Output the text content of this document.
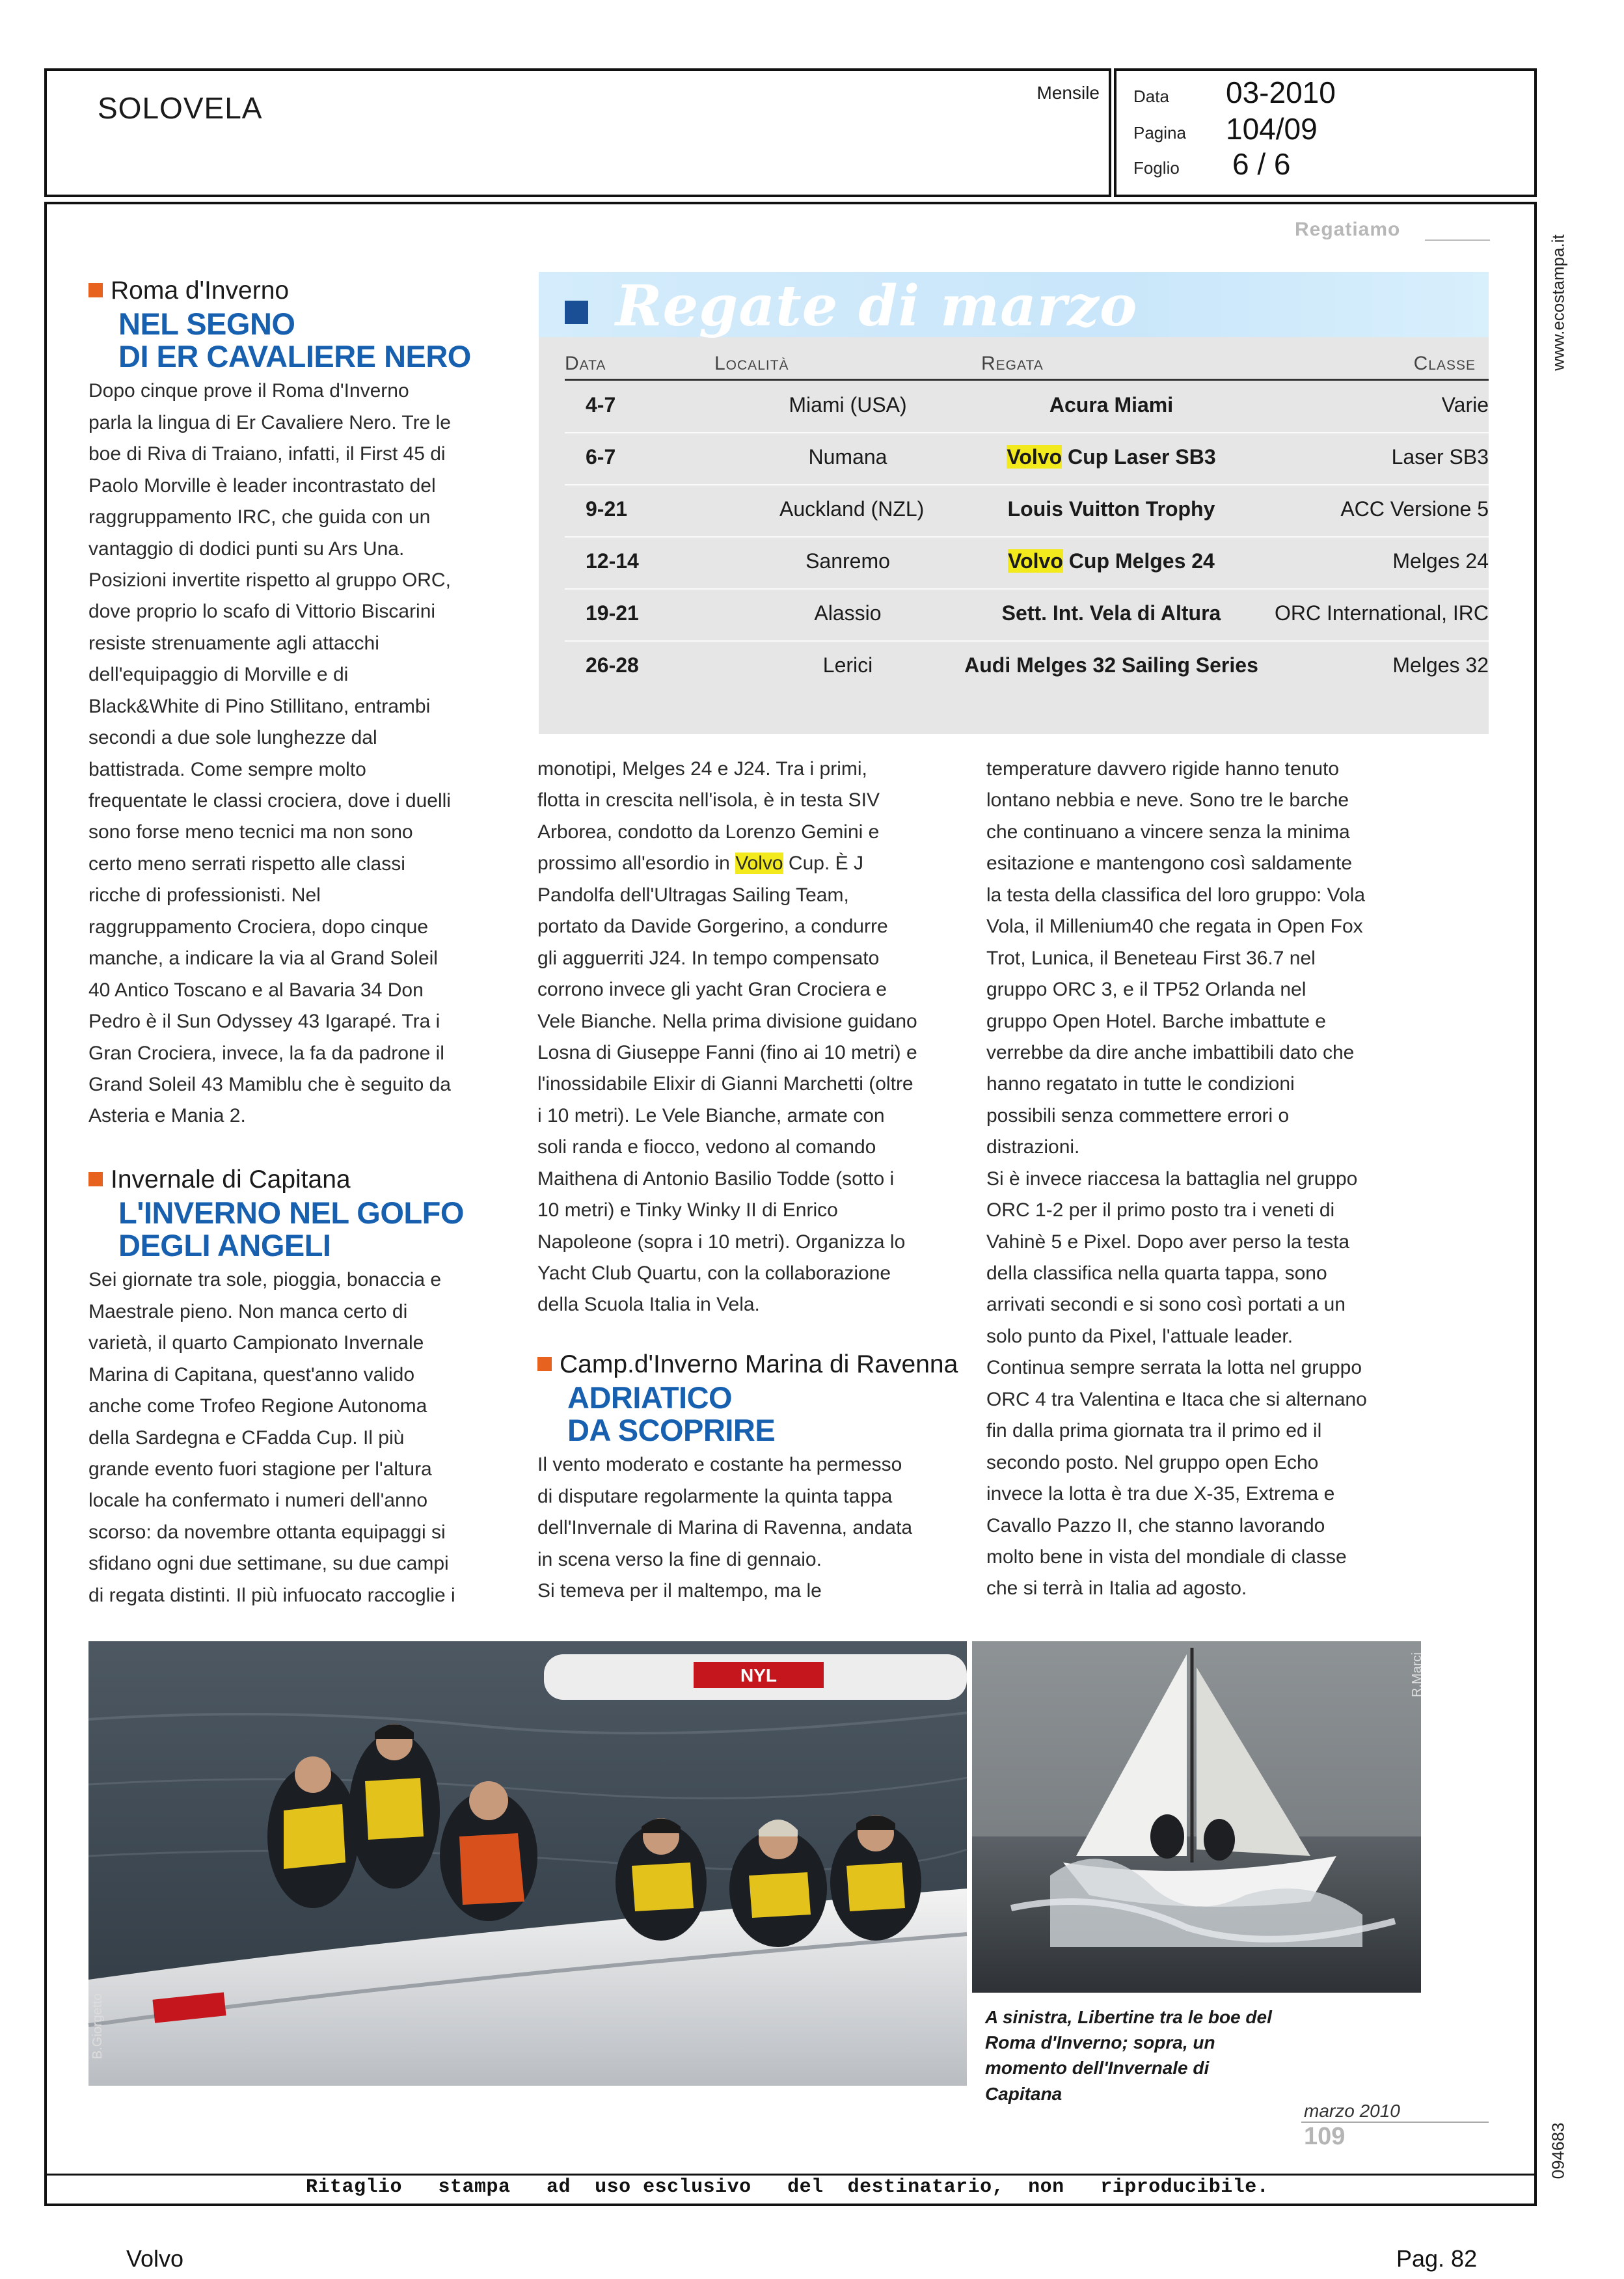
SOLOVELA	Mensile Data 03-2010
Pagina 104/09
Foglio 6 / 6
www.ecostampa.it
094683
Regatiamo
Roma d'Inverno
NEL SEGNO
DI ER CAVALIERE NERO
Dopo cinque prove il Roma d'Inverno
parla la lingua di Er Cavaliere Nero. Tre le
boe di Riva di Traiano, infatti, il First 45 di
Paolo Morville è leader incontrastato del
raggruppamento IRC, che guida con un
vantaggio di dodici punti su Ars Una.
Posizioni invertite rispetto al gruppo ORC,
dove proprio lo scafo di Vittorio Biscarini
resiste strenuamente agli attacchi
dell'equipaggio di Morville e di
Black&White di Pino Stillitano, entrambi
secondi a due sole lunghezze dal
battistrada. Come sempre molto
frequentate le classi crociera, dove i duelli
sono forse meno tecnici ma non sono
certo meno serrati rispetto alle classi
ricche di professionisti. Nel
raggruppamento Crociera, dopo cinque
manche, a indicare la via al Grand Soleil
40 Antico Toscano e al Bavaria 34 Don
Pedro è il Sun Odyssey 43 Igarapé. Tra i
Gran Crociera, invece, la fa da padrone il
Grand Soleil 43 Mamiblu che è seguito da
Asteria e Mania 2.
Invernale di Capitana
L'INVERNO NEL GOLFO
DEGLI ANGELI
Sei giornate tra sole, pioggia, bonaccia e
Maestrale pieno. Non manca certo di
varietà, il quarto Campionato Invernale
Marina di Capitana, quest'anno valido
anche come Trofeo Regione Autonoma
della Sardegna e CFadda Cup. Il più
grande evento fuori stagione per l'altura
locale ha confermato i numeri dell'anno
scorso: da novembre ottanta equipaggi si
sfidano ogni due settimane, su due campi
di regata distinti. Il più infuocato raccoglie i
Regate di marzo
Data	Località	Regata	Classe
4-7	Miami (USA)	Acura Miami	Varie
6-7	Numana	Volvo Cup Laser SB3	Laser SB3
9-21	Auckland (NZL)	Louis Vuitton Trophy	ACC Versione 5
12-14	Sanremo	Volvo Cup Melges 24	Melges 24
19-21	Alassio	Sett. Int. Vela di Altura	ORC International, IRC
26-28	Lerici	Audi Melges 32 Sailing Series	Melges 32
monotipi, Melges 24 e J24. Tra i primi,
flotta in crescita nell'isola, è in testa SIV
Arborea, condotto da Lorenzo Gemini e
prossimo all'esordio in Volvo Cup. È J
Pandolfa dell'Ultragas Sailing Team,
portato da Davide Gorgerino, a condurre
gli agguerriti J24. In tempo compensato
corrono invece gli yacht Gran Crociera e
Vele Bianche. Nella prima divisione guidano
Losna di Giuseppe Fanni (fino ai 10 metri) e
l'inossidabile Elixir di Gianni Marchetti (oltre
i 10 metri). Le Vele Bianche, armate con
soli randa e fiocco, vedono al comando
Maithena di Antonio Basilio Todde (sotto i
10 metri) e Tinky Winky II di Enrico
Napoleone (sopra i 10 metri). Organizza lo
Yacht Club Quartu, con la collaborazione
della Scuola Italia in Vela.
Camp.d'Inverno Marina di Ravenna
ADRIATICO
DA SCOPRIRE
Il vento moderato e costante ha permesso
di disputare regolarmente la quinta tappa
dell'Invernale di Marina di Ravenna, andata
in scena verso la fine di gennaio.
Si temeva per il maltempo, ma le
temperature davvero rigide hanno tenuto
lontano nebbia e neve. Sono tre le barche
che continuano a vincere senza la minima
esitazione e mantengono così saldamente
la testa della classifica del loro gruppo: Vola
Vola, il Millenium40 che regata in Open Fox
Trot, Lunica, il Beneteau First 36.7 nel
gruppo ORC 3, e il TP52 Orlanda nel
gruppo Open Hotel. Barche imbattute e
verrebbe da dire anche imbattibili dato che
hanno regatato in tutte le condizioni
possibili senza commettere errori o
distrazioni.
Si è invece riaccesa la battaglia nel gruppo
ORC 1-2 per il primo posto tra i veneti di
Vahinè 5 e Pixel. Dopo aver perso la testa
della classifica nella quarta tappa, sono
arrivati secondi e si sono così portati a un
solo punto da Pixel, l'attuale leader.
Continua sempre serrata la lotta nel gruppo
ORC 4 tra Valentina e Itaca che si alternano
fin dalla prima giornata tra il primo ed il
secondo posto. Nel gruppo open Echo
invece la lotta è tra due X-35, Extrema e
Cavallo Pazzo II, che stanno lavorando
molto bene in vista del mondiale di classe
che si terrà in Italia ad agosto.
NYL
B.Giorgetto
R.Marci
A sinistra, Libertine tra le boe del
Roma d'Inverno; sopra, un
momento dell'Invernale di Capitana
marzo 2010
109
Ritaglio   stampa   ad  uso esclusivo   del  destinatario,  non   riproducibile.
Volvo	Pag. 82
